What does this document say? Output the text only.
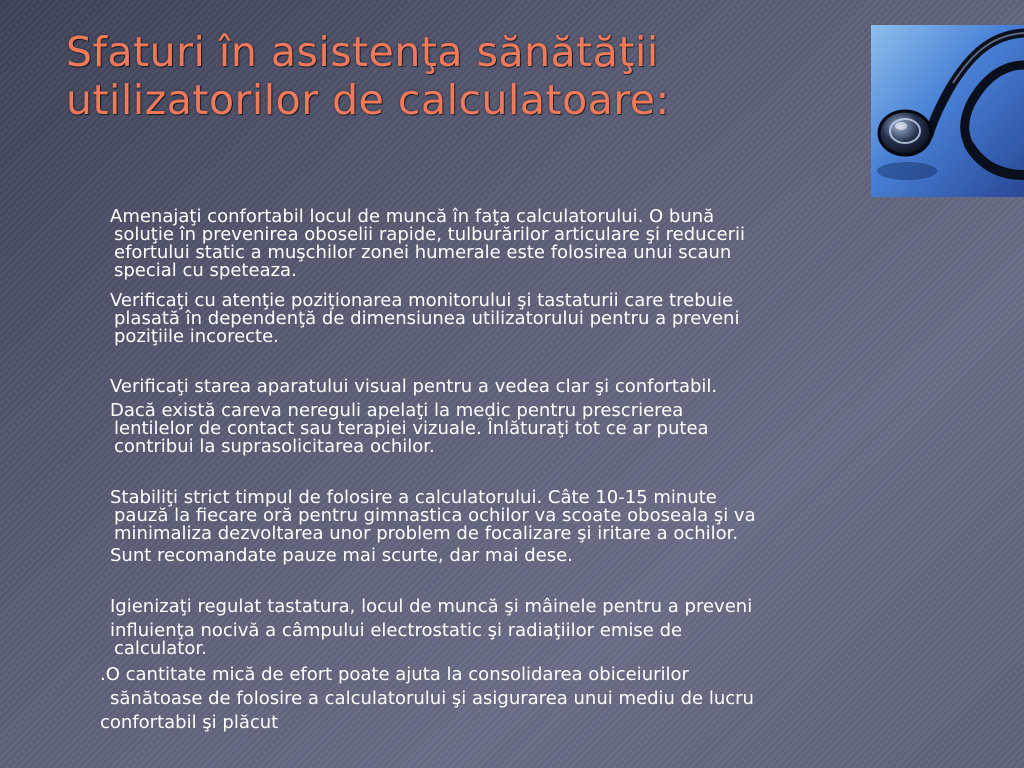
Sfaturi în asistenţa sănătăţii
utilizatorilor de calculatoare:
Amenajaţi confortabil locul de muncă în faţa calculatorului. O bună
soluţie în prevenirea oboselii rapide, tulburărilor articulare şi reducerii
efortului static a muşchilor zonei humerale este folosirea unui scaun
special cu speteaza.
Verificaţi cu atenţie poziţionarea monitorului şi tastaturii care trebuie
plasată în dependenţă de dimensiunea utilizatorului pentru a preveni
poziţiile incorecte.
Verificaţi starea aparatului visual pentru a vedea clar şi confortabil.
Dacă există careva nereguli apelaţi la medic pentru prescrierea
lentilelor de contact sau terapiei vizuale. Înlăturaţi tot ce ar putea
contribui la suprasolicitarea ochilor.
Stabiliţi strict timpul de folosire a calculatorului. Câte 10-15 minute
pauză la fiecare oră pentru gimnastica ochilor va scoate oboseala şi va
minimaliza dezvoltarea unor problem de focalizare şi iritare a ochilor.
Sunt recomandate pauze mai scurte, dar mai dese.
Igienizaţi regulat tastatura, locul de muncă şi mâinele pentru a preveni
influienţa nocivă a câmpului electrostatic şi radiaţiilor emise de
calculator.
.O cantitate mică de efort poate ajuta la consolidarea obiceiurilor
sănătoase de folosire a calculatorului şi asigurarea unui mediu de lucru
confortabil şi plăcut
